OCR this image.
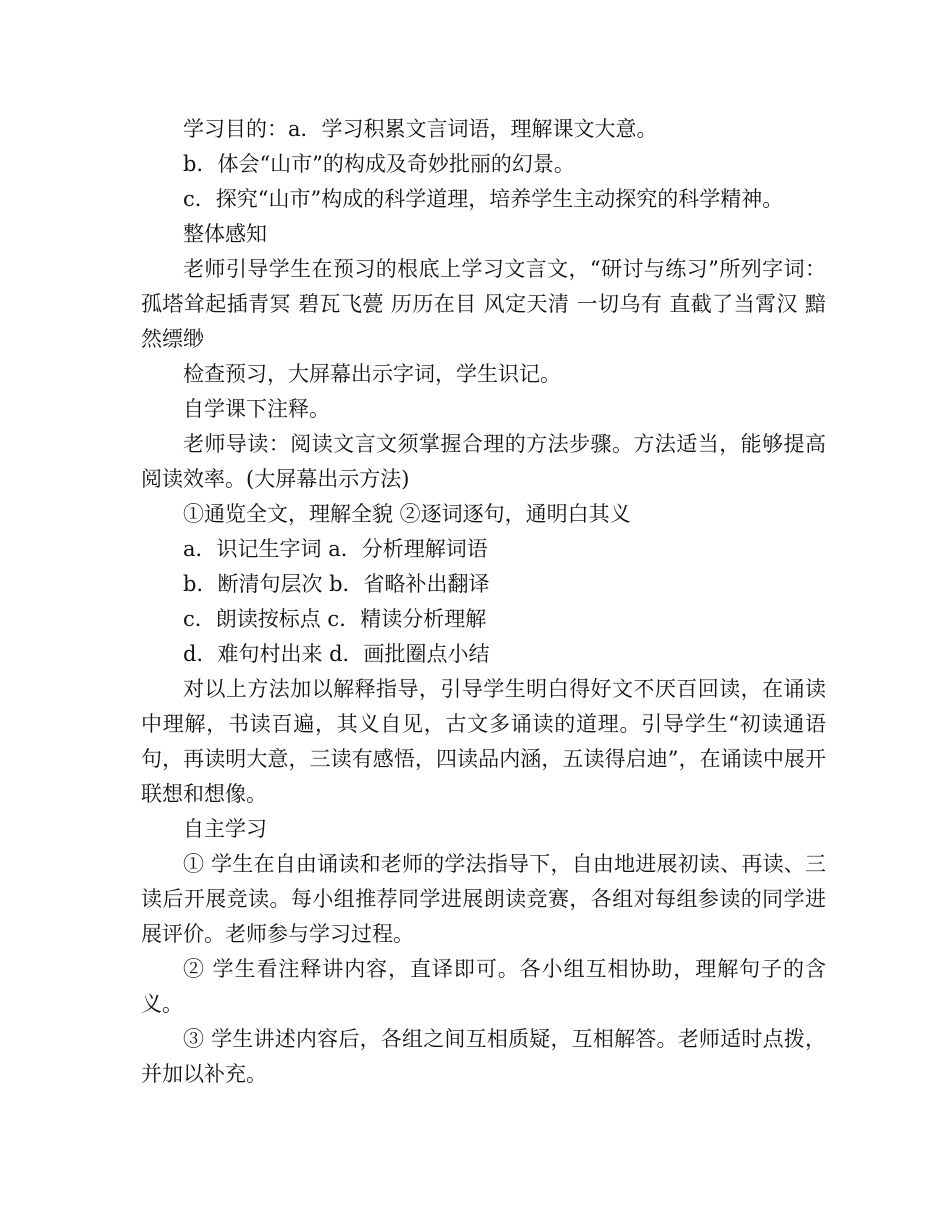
学习目的：a．学习积累文言词语，理解课文大意。

b．体会“山市”的构成及奇妙批丽的幻景。

c．探究“山市”构成的科学道理，培养学生主动探究的科学精神。

整体感知

老师引导学生在预习的根底上学习文言文，“研讨与练习”所列字词：孤塔耸起插青冥 碧瓦飞甍 历历在目 风定天清 一切乌有 直截了当霄汉 黯然缥缈

检查预习，大屏幕出示字词，学生识记。

自学课下注释。

老师导读：阅读文言文须掌握合理的方法步骤。方法适当，能够提高阅读效率。(大屏幕出示方法)

①通览全文，理解全貌 ②逐词逐句，通明白其义

a．识记生字词 a．分析理解词语

b．断清句层次 b．省略补出翻译

c．朗读按标点 c．精读分析理解

d．难句村出来 d．画批圈点小结

对以上方法加以解释指导，引导学生明白得好文不厌百回读，在诵读中理解，书读百遍，其义自见，古文多诵读的道理。引导学生“初读通语句，再读明大意，三读有感悟，四读品内涵，五读得启迪”，在诵读中展开联想和想像。

自主学习

① 学生在自由诵读和老师的学法指导下，自由地进展初读、再读、三读后开展竞读。每小组推荐同学进展朗读竞赛，各组对每组参读的同学进展评价。老师参与学习过程。

② 学生看注释讲内容，直译即可。各小组互相协助，理解句子的含义。

③ 学生讲述内容后，各组之间互相质疑，互相解答。老师适时点拨，并加以补充。
